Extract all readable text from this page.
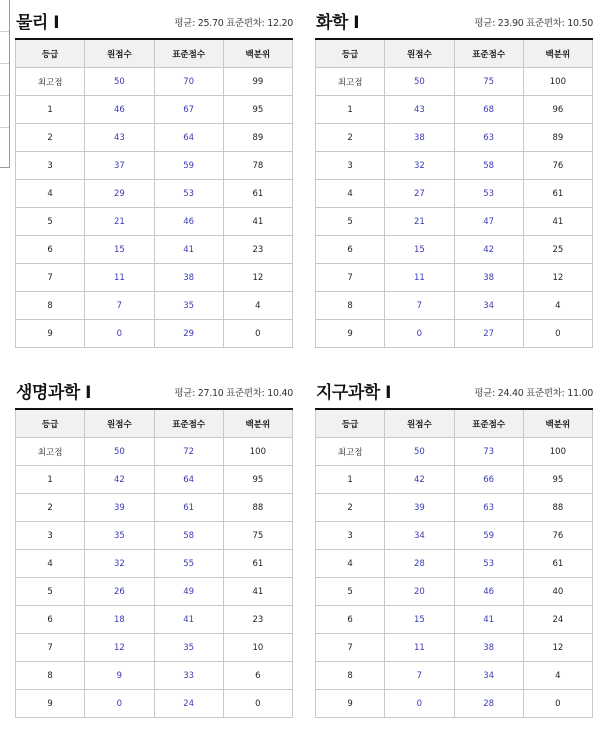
물리 I	평균: 25.70 표준편차: 12.20
등급	원점수	표준점수	백분위
최고점	50	70	99
1	46	67	95
2	43	64	89
3	37	59	78
4	29	53	61
5	21	46	41
6	15	41	23
7	11	38	12
8	7	35	4
9	0	29	0
화학 I	평균: 23.90 표준편차: 10.50
등급	원점수	표준점수	백분위
최고점	50	75	100
1	43	68	96
2	38	63	89
3	32	58	76
4	27	53	61
5	21	47	41
6	15	42	25
7	11	38	12
8	7	34	4
9	0	27	0
생명과학 I	평균: 27.10 표준편차: 10.40
등급	원점수	표준점수	백분위
최고점	50	72	100
1	42	64	95
2	39	61	88
3	35	58	75
4	32	55	61
5	26	49	41
6	18	41	23
7	12	35	10
8	9	33	6
9	0	24	0
지구과학 I	평균: 24.40 표준편차: 11.00
등급	원점수	표준점수	백분위
최고점	50	73	100
1	42	66	95
2	39	63	88
3	34	59	76
4	28	53	61
5	20	46	40
6	15	41	24
7	11	38	12
8	7	34	4
9	0	28	0
